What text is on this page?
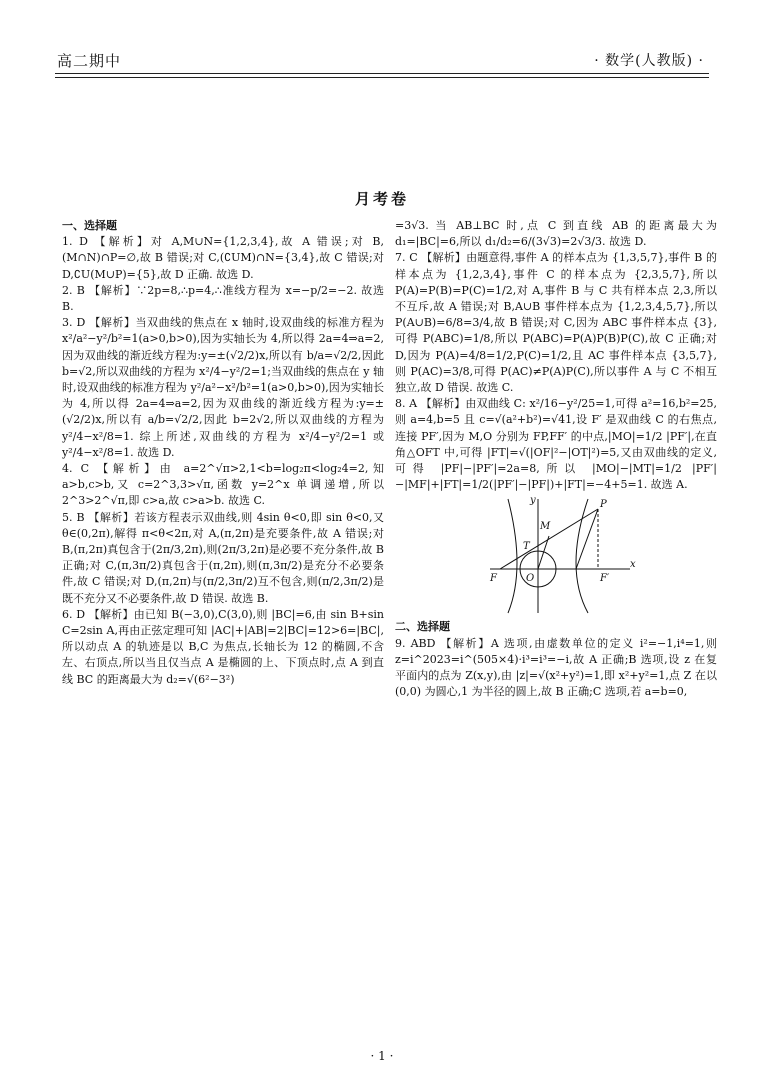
高二期中	· 数学(人教版) ·
月考卷

一、选择题

1. D 【解析】对 A,M∪N={1,2,3,4},故 A 错误;对 B,(M∩N)∩P=∅,故 B 错误;对 C,(∁UM)∩N={3,4},故 C 错误;对 D,∁U(M∪P)={5},故 D 正确. 故选 D.

2. B 【解析】∵2p=8,∴p=4,∴准线方程为 x=−p/2=−2. 故选 B.

3. D 【解析】当双曲线的焦点在 x 轴时,设双曲线的标准方程为 x²/a²−y²/b²=1(a>0,b>0),因为实轴长为 4,所以得 2a=4⇒a=2,因为双曲线的渐近线方程为:y=±(√2/2)x,所以有 b/a=√2/2,因此 b=√2,所以双曲线的方程为 x²/4−y²/2=1;当双曲线的焦点在 y 轴时,设双曲线的标准方程为 y²/a²−x²/b²=1(a>0,b>0),因为实轴长为 4,所以得 2a=4⇒a=2,因为双曲线的渐近线方程为:y=±(√2/2)x,所以有 a/b=√2/2,因此 b=2√2,所以双曲线的方程为 y²/4−x²/8=1. 综上所述,双曲线的方程为 x²/4−y²/2=1 或 y²/4−x²/8=1. 故选 D.

4. C 【解析】由 a=2^√π>2,1<b=log₂π<log₂4=2,知 a>b,c>b,又 c=2^3,3>√π,函数 y=2^x 单调递增,所以 2^3>2^√π,即 c>a,故 c>a>b. 故选 C.

5. B 【解析】若该方程表示双曲线,则 4sin θ<0,即 sin θ<0,又 θ∈(0,2π),解得 π<θ<2π,对 A,(π,2π)是充要条件,故 A 错误;对 B,(π,2π)真包含于(2π/3,2π),则(2π/3,2π)是必要不充分条件,故 B 正确;对 C,(π,3π/2)真包含于(π,2π),则(π,3π/2)是充分不必要条件,故 C 错误;对 D,(π,2π)与(π/2,3π/2)互不包含,则(π/2,3π/2)是既不充分又不必要条件,故 D 错误. 故选 B.

6. D 【解析】由已知 B(−3,0),C(3,0),则 |BC|=6,由 sin B+sin C=2sin A,再由正弦定理可知 |AC|+|AB|=2|BC|=12>6=|BC|,所以动点 A 的轨迹是以 B,C 为焦点,长轴长为 12 的椭圆,不含左、右顶点,所以当且仅当点 A 是椭圆的上、下顶点时,点 A 到直线 BC 的距离最大为 d₂=√(6²−3²)

=3√3. 当 AB⊥BC 时,点 C 到直线 AB 的距离最大为 d₁=|BC|=6,所以 d₁/d₂=6/(3√3)=2√3/3. 故选 D.

7. C 【解析】由题意得,事件 A 的样本点为 {1,3,5,7},事件 B 的样本点为 {1,2,3,4},事件 C 的样本点为 {2,3,5,7},所以 P(A)=P(B)=P(C)=1/2,对 A,事件 B 与 C 共有样本点 2,3,所以不互斥,故 A 错误;对 B,A∪B 事件样本点为 {1,2,3,4,5,7},所以 P(A∪B)=6/8=3/4,故 B 错误;对 C,因为 ABC 事件样本点 {3},可得 P(ABC)=1/8,所以 P(ABC)=P(A)P(B)P(C),故 C 正确;对 D,因为 P(A)=4/8=1/2,P(C)=1/2,且 AC 事件样本点 {3,5,7},则 P(AC)=3/8,可得 P(AC)≠P(A)P(C),所以事件 A 与 C 不相互独立,故 D 错误. 故选 C.

8. A 【解析】由双曲线 C: x²/16−y²/25=1,可得 a²=16,b²=25,则 a=4,b=5 且 c=√(a²+b²)=√41,设 F′ 是双曲线 C 的右焦点,连接 PF′,因为 M,O 分别为 FP,FF′ 的中点,|MO|=1/2 |PF′|,在直角△OFT 中,可得 |FT|=√(|OF|²−|OT|²)=5,又由双曲线的定义,可得 |PF|−|PF′|=2a=8,所以 |MO|−|MT|=1/2 |PF′|−|MF|+|FT|=1/2(|PF′|−|PF|)+|FT|=−4+5=1. 故选 A.

y
x
P
M
T
F	O	F′

二、选择题

9. ABD 【解析】A 选项,由虚数单位的定义 i²=−1,i⁴=1,则 z=i^2023=i^(505×4)·i³=i³=−i,故 A 正确;B 选项,设 z 在复平面内的点为 Z(x,y),由 |z|=√(x²+y²)=1,即 x²+y²=1,点 Z 在以 (0,0) 为圆心,1 为半径的圆上,故 B 正确;C 选项,若 a=b=0,

· 1 ·
